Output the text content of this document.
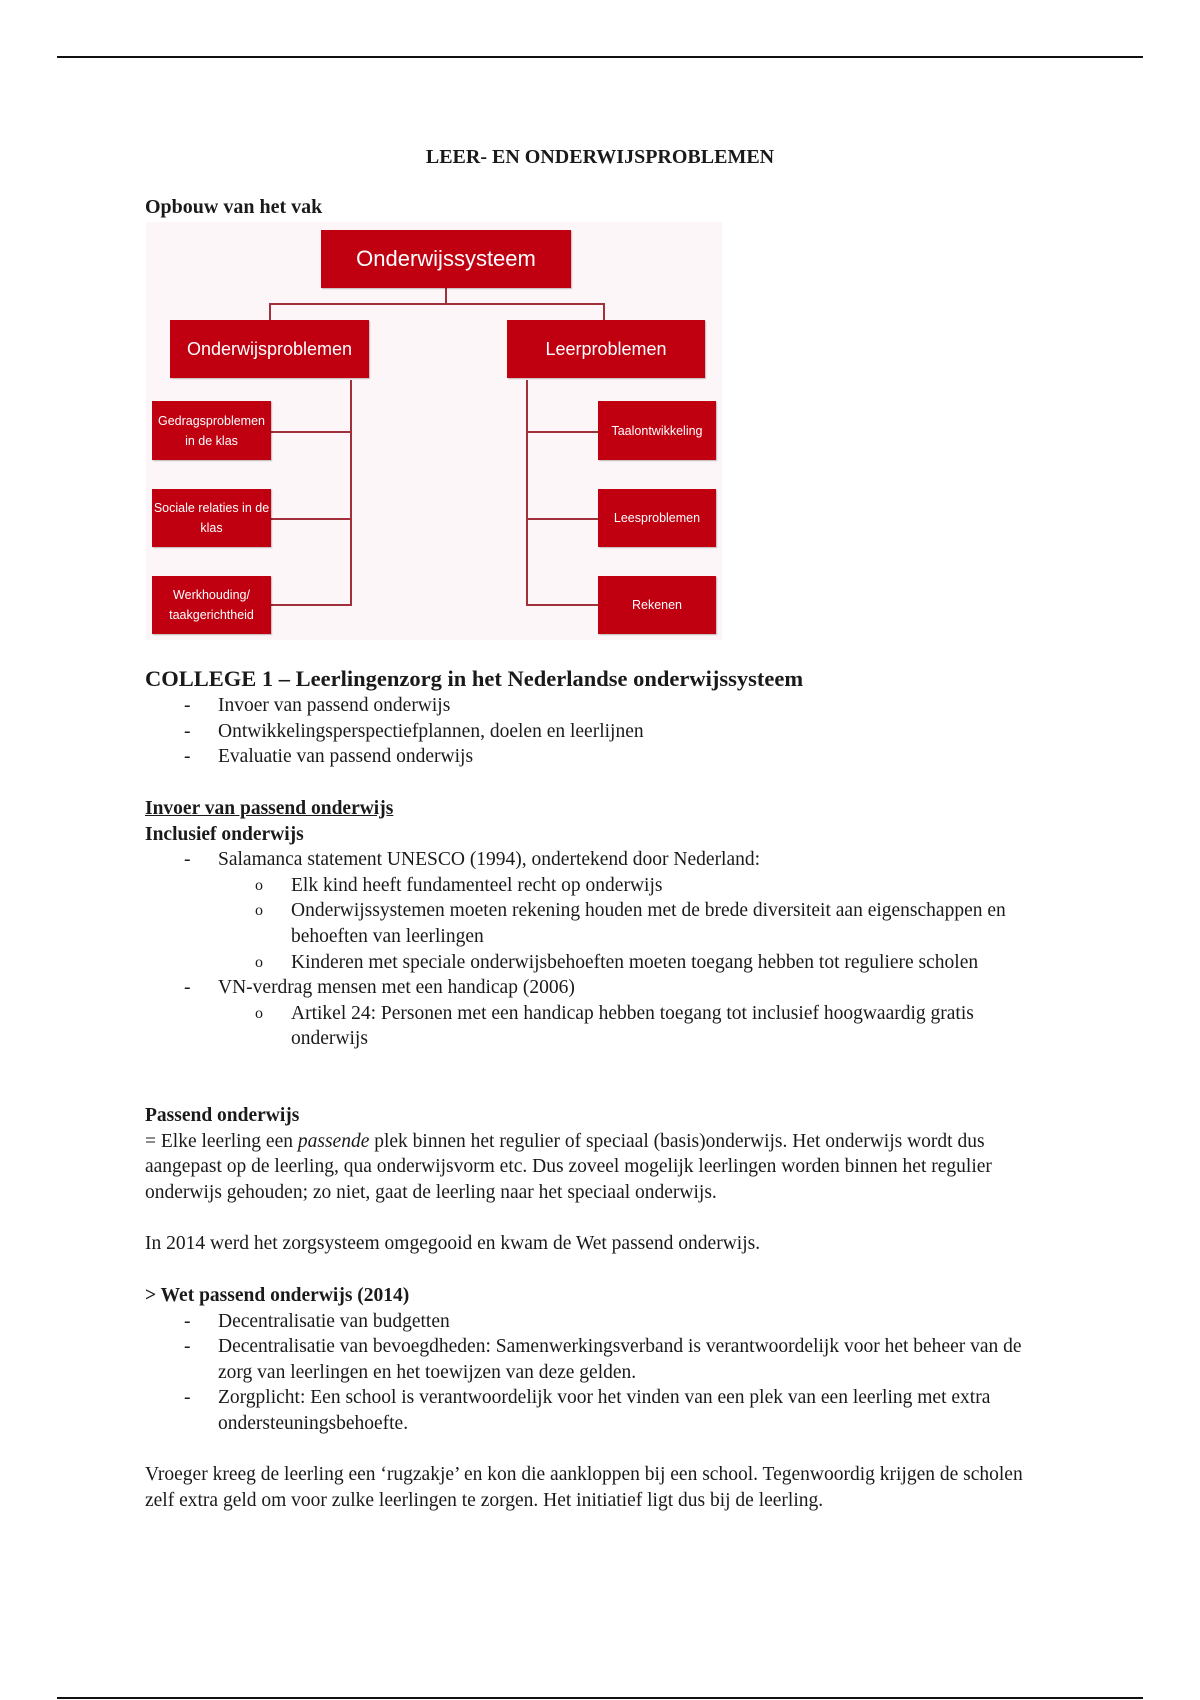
LEER- EN ONDERWIJSPROBLEMEN
Opbouw van het vak
Onderwijssysteem
Onderwijsproblemen	Leerproblemen
Gedragsproblemen in de klas
Sociale relaties in de klas
Werkhouding/ taakgerichtheid
Taalontwikkeling
Leesproblemen
Rekenen
COLLEGE 1 – Leerlingenzorg in het Nederlandse onderwijssysteem
- Invoer van passend onderwijs
- Ontwikkelingsperspectiefplannen, doelen en leerlijnen
- Evaluatie van passend onderwijs
Invoer van passend onderwijs
Inclusief onderwijs
- Salamanca statement UNESCO (1994), ondertekend door Nederland:
o Elk kind heeft fundamenteel recht op onderwijs
o Onderwijssystemen moeten rekening houden met de brede diversiteit aan eigenschappen en behoeften van leerlingen
o Kinderen met speciale onderwijsbehoeften moeten toegang hebben tot reguliere scholen
- VN-verdrag mensen met een handicap (2006)
o Artikel 24: Personen met een handicap hebben toegang tot inclusief hoogwaardig gratis onderwijs
Passend onderwijs
= Elke leerling een passende plek binnen het regulier of speciaal (basis)onderwijs. Het onderwijs wordt dus aangepast op de leerling, qua onderwijsvorm etc. Dus zoveel mogelijk leerlingen worden binnen het regulier onderwijs gehouden; zo niet, gaat de leerling naar het speciaal onderwijs.
In 2014 werd het zorgsysteem omgegooid en kwam de Wet passend onderwijs.
> Wet passend onderwijs (2014)
- Decentralisatie van budgetten
- Decentralisatie van bevoegdheden: Samenwerkingsverband is verantwoordelijk voor het beheer van de zorg van leerlingen en het toewijzen van deze gelden.
- Zorgplicht: Een school is verantwoordelijk voor het vinden van een plek van een leerling met extra ondersteuningsbehoefte.
Vroeger kreeg de leerling een ‘rugzakje’ en kon die aankloppen bij een school. Tegenwoordig krijgen de scholen zelf extra geld om voor zulke leerlingen te zorgen. Het initiatief ligt dus bij de leerling.
